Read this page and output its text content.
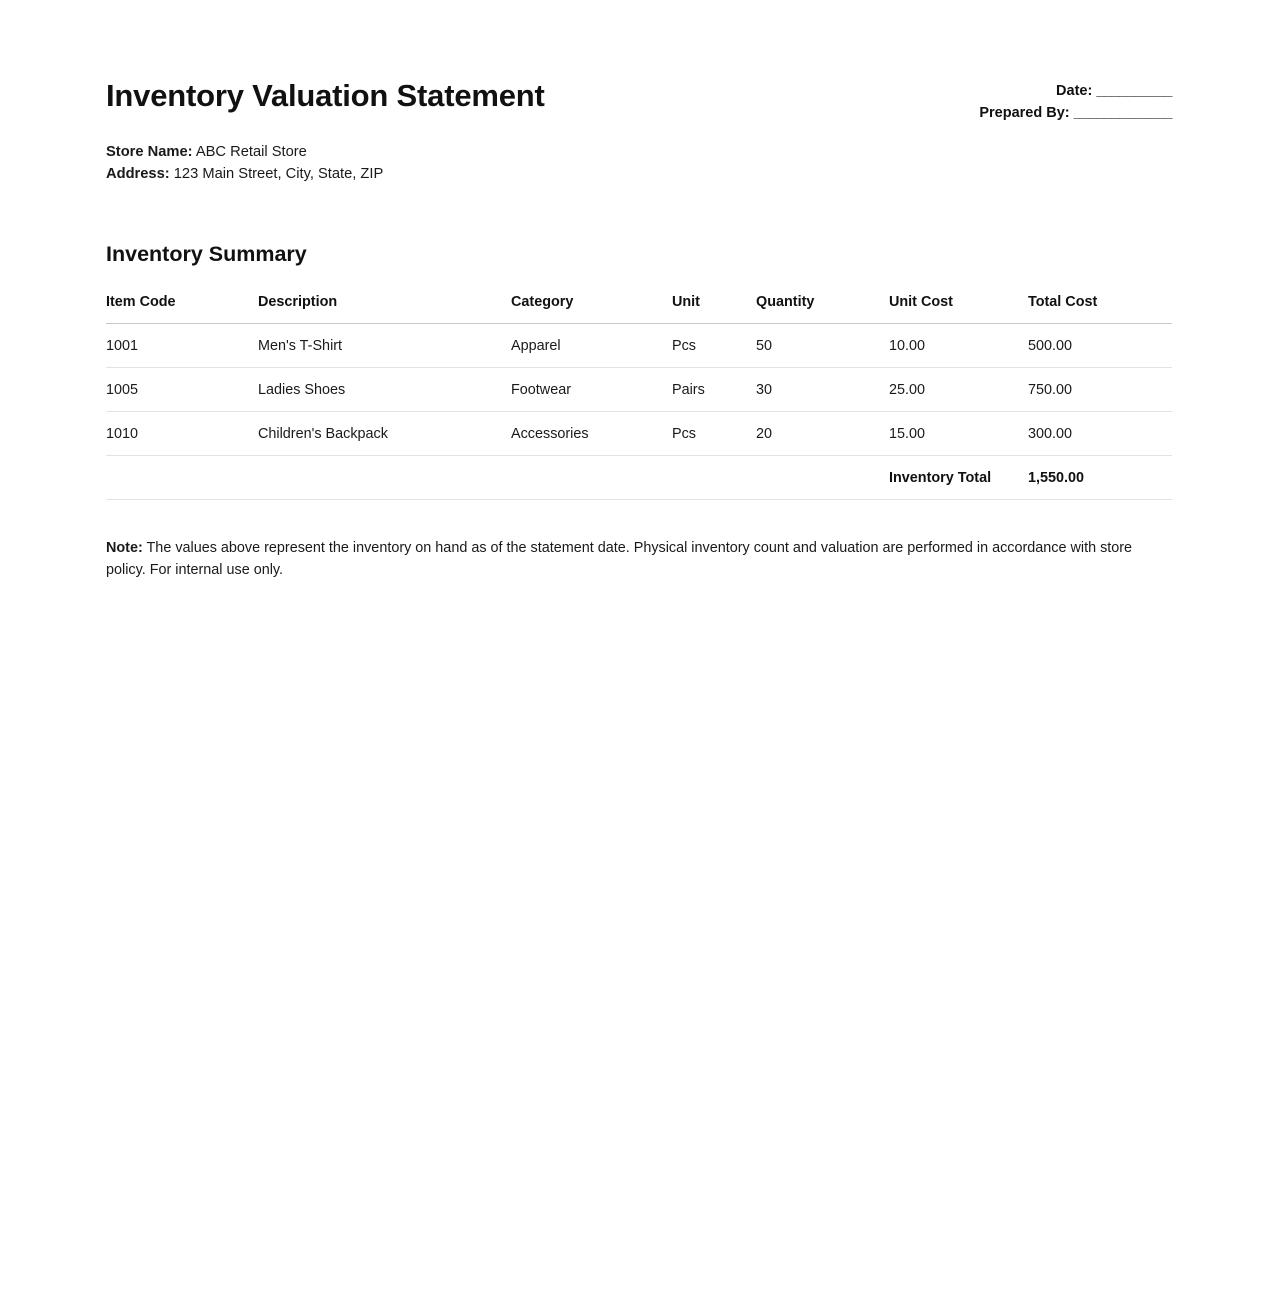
Inventory Valuation Statement	Date: __________
Prepared By: _____________
Store Name: ABC Retail Store
Address: 123 Main Street, City, State, ZIP
Inventory Summary
Item Code	Description	Category	Unit	Quantity	Unit Cost	Total Cost
1001	Men's T-Shirt	Apparel	Pcs	50	10.00	500.00
1005	Ladies Shoes	Footwear	Pairs	30	25.00	750.00
1010	Children's Backpack	Accessories	Pcs	20	15.00	300.00
					Inventory Total	1,550.00

Note: The values above represent the inventory on hand as of the statement date. Physical inventory count and valuation are performed in accordance with store policy. For internal use only.
